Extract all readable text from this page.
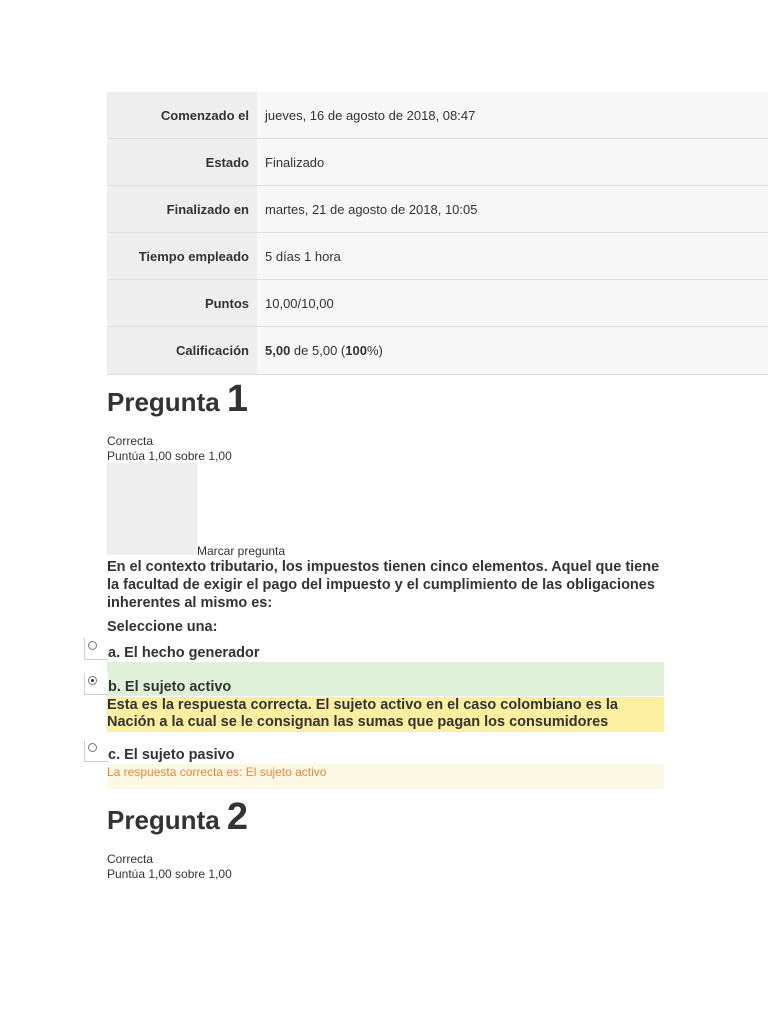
Comenzado el	jueves, 16 de agosto de 2018, 08:47
Estado	Finalizado
Finalizado en	martes, 21 de agosto de 2018, 10:05
Tiempo empleado	5 días 1 hora
Puntos	10,00/10,00
Calificación	5,00 de 5,00 (100%)
Pregunta 1
Correcta
Puntúa 1,00 sobre 1,00
Marcar pregunta

En el contexto tributario, los impuestos tienen cinco elementos. Aquel que tiene la facultad de exigir el pago del impuesto y el cumplimiento de las obligaciones inherentes al mismo es:

Seleccione una:
a. El hecho generador
b. El sujeto activo
Esta es la respuesta correcta. El sujeto activo en el caso colombiano es la Nación a la cual se le consignan las sumas que pagan los consumidores
c. El sujeto pasivo
La respuesta correcta es: El sujeto activo
Pregunta 2
Correcta
Puntúa 1,00 sobre 1,00
